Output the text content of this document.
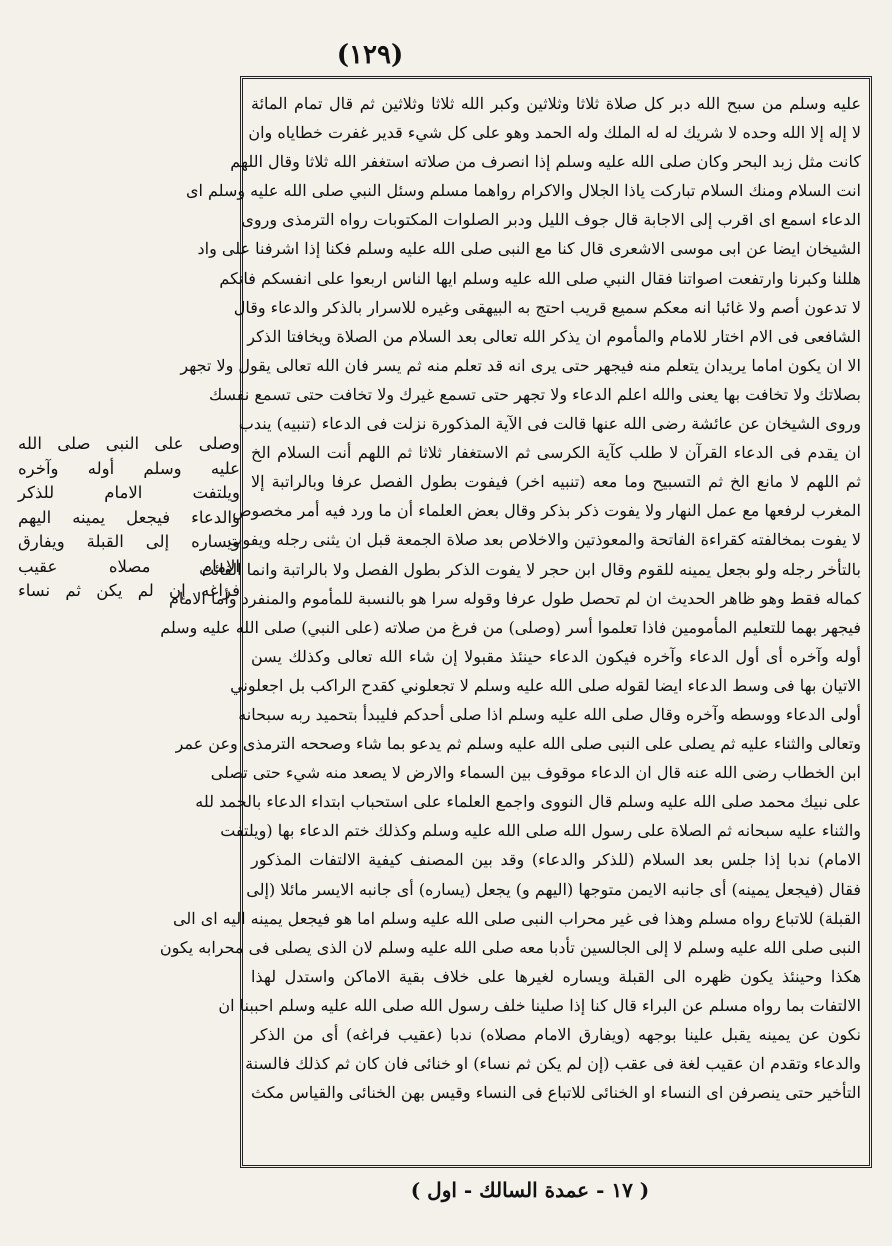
(١٢٩)
عليه وسلم من سبح الله دبر كل صلاة ثلاثا وثلاثين وكبر الله ثلاثا وثلاثين ثم قال تمام المائة
لا إله إلا الله وحده لا شريك له له الملك وله الحمد وهو على كل شيء قدير غفرت خطاياه وان
كانت مثل زبد البحر وكان صلى الله عليه وسلم إذا انصرف من صلاته استغفر الله ثلاثا وقال اللهم
انت السلام ومنك السلام تباركت ياذا الجلال والاكرام رواهما مسلم وسئل النبي صلى الله عليه وسلم اى
الدعاء اسمع اى اقرب إلى الاجابة قال جوف الليل ودبر الصلوات المكتوبات رواه الترمذى وروى
الشيخان ايضا عن ابى موسى الاشعرى قال كنا مع النبى صلى الله عليه وسلم فكنا إذا اشرفنا على واد
هللنا وكبرنا وارتفعت اصواتنا فقال النبي صلى الله عليه وسلم ايها الناس اربعوا على انفسكم فانكم
لا تدعون أصم ولا غائبا انه معكم سميع قريب احتج به البيهقى وغيره للاسرار بالذكر والدعاء وقال
الشافعى فى الام اختار للامام والمأموم ان يذكر الله تعالى بعد السلام من الصلاة ويخافتا الذكر
الا ان يكون اماما يريدان يتعلم منه فيجهر حتى يرى انه قد تعلم منه ثم يسر فان الله تعالى يقول ولا تجهر
بصلاتك ولا تخافت بها يعنى والله اعلم الدعاء ولا تجهر حتى تسمع غيرك ولا تخافت حتى تسمع نفسك
وروى الشيخان عن عائشة رضى الله عنها قالت فى الآية المذكورة نزلت فى الدعاء (تنبيه) يندب
ان يقدم فى الدعاء القرآن لا طلب كآية الكرسى ثم الاستغفار ثلاثا ثم اللهم أنت السلام الخ
ثم اللهم لا مانع الخ ثم التسبيح وما معه (تنبيه اخر) فيفوت بطول الفصل عرفا وبالراتبة إلا
المغرب لرفعها مع عمل النهار ولا يفوت ذكر بذكر وقال بعض العلماء أن ما ورد فيه أمر مخصوص
لا يفوت بمخالفته كقراءة الفاتحة والمعوذتين والاخلاص بعد صلاة الجمعة قبل ان يثنى رجله ويفوت
بالتأخر رجله ولو بجعل يمينه للقوم وقال ابن حجر لا يفوت الذكر بطول الفصل ولا بالراتبة وانما الفائت
كماله فقط وهو ظاهر الحديث ان لم تحصل طول عرفا وقوله سرا هو بالنسبة للمأموم والمنفرد وأما الامام
فيجهر بهما للتعليم المأمومين فاذا تعلموا أسر (وصلى) من فرغ من صلاته (على النبي) صلى الله عليه وسلم
أوله وآخره أى أول الدعاء وآخره فيكون الدعاء حينئذ مقبولا إن شاء الله تعالى وكذلك يسن
الاتيان بها فى وسط الدعاء ايضا لقوله صلى الله عليه وسلم لا تجعلوني كقدح الراكب بل اجعلوني
أولى الدعاء ووسطه وآخره وقال صلى الله عليه وسلم اذا صلى أحدكم فليبدأ بتحميد ربه سبحانه
وتعالى والثناء عليه ثم يصلى على النبى صلى الله عليه وسلم ثم يدعو بما شاء وصححه الترمذى وعن عمر
ابن الخطاب رضى الله عنه قال ان الدعاء موقوف بين السماء والارض لا يصعد منه شيء حتى تصلى
على نبيك محمد صلى الله عليه وسلم قال النووى واجمع العلماء على استحباب ابتداء الدعاء بالحمد لله
والثناء عليه سبحانه ثم الصلاة على رسول الله صلى الله عليه وسلم وكذلك ختم الدعاء بها (ويلتفت
الامام) ندبا إذا جلس بعد السلام (للذكر والدعاء) وقد بين المصنف كيفية الالتفات المذكور
فقال (فيجعل يمينه) أى جانبه الايمن متوجها (اليهم و) يجعل (يساره) أى جانبه الايسر مائلا (إلى
القبلة) للاتباع رواه مسلم وهذا فى غير محراب النبى صلى الله عليه وسلم اما هو فيجعل يمينه اليه اى الى
النبى صلى الله عليه وسلم لا إلى الجالسين تأدبا معه صلى الله عليه وسلم لان الذى يصلى فى محرابه يكون
هكذا وحينئذ يكون ظهره الى القبلة ويساره لغيرها على خلاف بقية الاماكن واستدل لهذا
الالتفات بما رواه مسلم عن البراء قال كنا إذا صلينا خلف رسول الله صلى الله عليه وسلم احببنا ان
نكون عن يمينه يقبل علينا بوجهه (ويفارق الامام مصلاه) ندبا (عقيب فراغه) أى من الذكر
والدعاء وتقدم ان عقيب لغة فى عقب (إن لم يكن ثم نساء) او خنائى فان كان ثم كذلك فالسنة
التأخير حتى ينصرفن اى النساء او الخنائى للاتباع فى النساء وقيس بهن الخنائى والقياس مكث
وصلى على النبى صلى الله
عليه وسلم أوله وآخره
ويلتفت الامام للذكر
والدعاء فيجعل يمينه اليهم
ويساره إلى القبلة ويفارق
الامام مصلاه عقيب
فراغه إن لم يكن ثم نساء
( ١٧ - عمدة السالك - اول )
